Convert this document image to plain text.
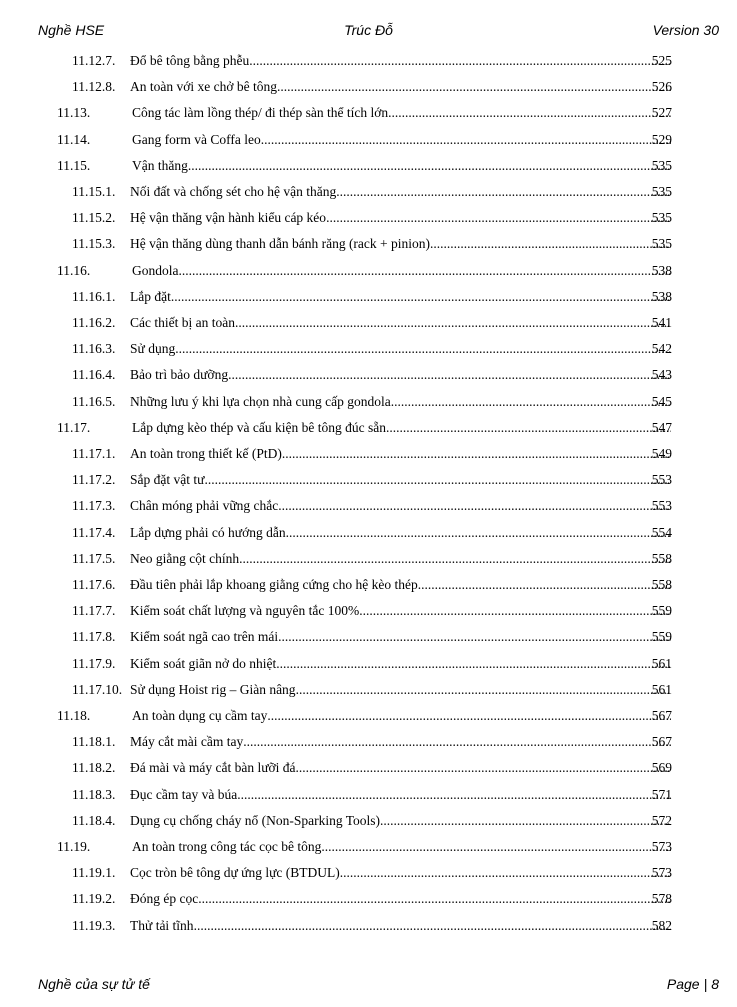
Nghề HSE	Trúc Đỗ	Version 30
11.12.7. Đổ bê tông bằng phễu .....	525
11.12.8. An toàn với xe chở bê tông .....	526
11.13.	Công tác làm lồng thép/ đi thép sàn thể tích lớn .....	527
11.14.	Gang form và Coffa leo .....	529
11.15.	Vận thăng .....	535
11.15.1. Nối đất và chống sét cho hệ vận thăng .....	535
11.15.2. Hệ vận thăng vận hành kiểu cáp kéo .....	535
11.15.3. Hệ vận thăng dùng thanh dẫn bánh răng (rack + pinion) .....	535
11.16.	Gondola .....	538
11.16.1. Lắp đặt .....	538
11.16.2. Các thiết bị an toàn .....	541
11.16.3. Sử dụng .....	542
11.16.4. Bảo trì bảo dưỡng .....	543
11.16.5. Những lưu ý khi lựa chọn nhà cung cấp gondola .....	545
11.17.	Lắp dựng kèo thép và cấu kiện bê tông đúc sẵn .....	547
11.17.1. An toàn trong thiết kế (PtD) .....	549
11.17.2. Sắp đặt vật tư .....	553
11.17.3. Chân móng phải vững chắc .....	553
11.17.4. Lắp dựng phải có hướng dẫn .....	554
11.17.5. Neo giằng cột chính .....	558
11.17.6. Đầu tiên phải lắp khoang giằng cứng cho hệ kèo thép .....	558
11.17.7. Kiểm soát chất lượng và nguyên tắc 100% .....	559
11.17.8. Kiểm soát ngã cao trên mái .....	559
11.17.9. Kiểm soát giãn nở do nhiệt .....	561
11.17.10. Sử dụng Hoist rig – Giàn nâng .....	561
11.18.	An toàn dụng cụ cầm tay .....	567
11.18.1. Máy cắt mài cầm tay .....	567
11.18.2. Đá mài và máy cắt bàn lưỡi đá .....	569
11.18.3. Đục cầm tay và búa .....	571
11.18.4. Dụng cụ chống cháy nổ (Non-Sparking Tools) .....	572
11.19.	An toàn trong công tác cọc bê tông .....	573
11.19.1. Cọc tròn bê tông dự ứng lực (BTDUL) .....	573
11.19.2. Đóng ép cọc .....	578
11.19.3. Thử tải tĩnh .....	582
Nghề của sự tử tế	Page | 8
